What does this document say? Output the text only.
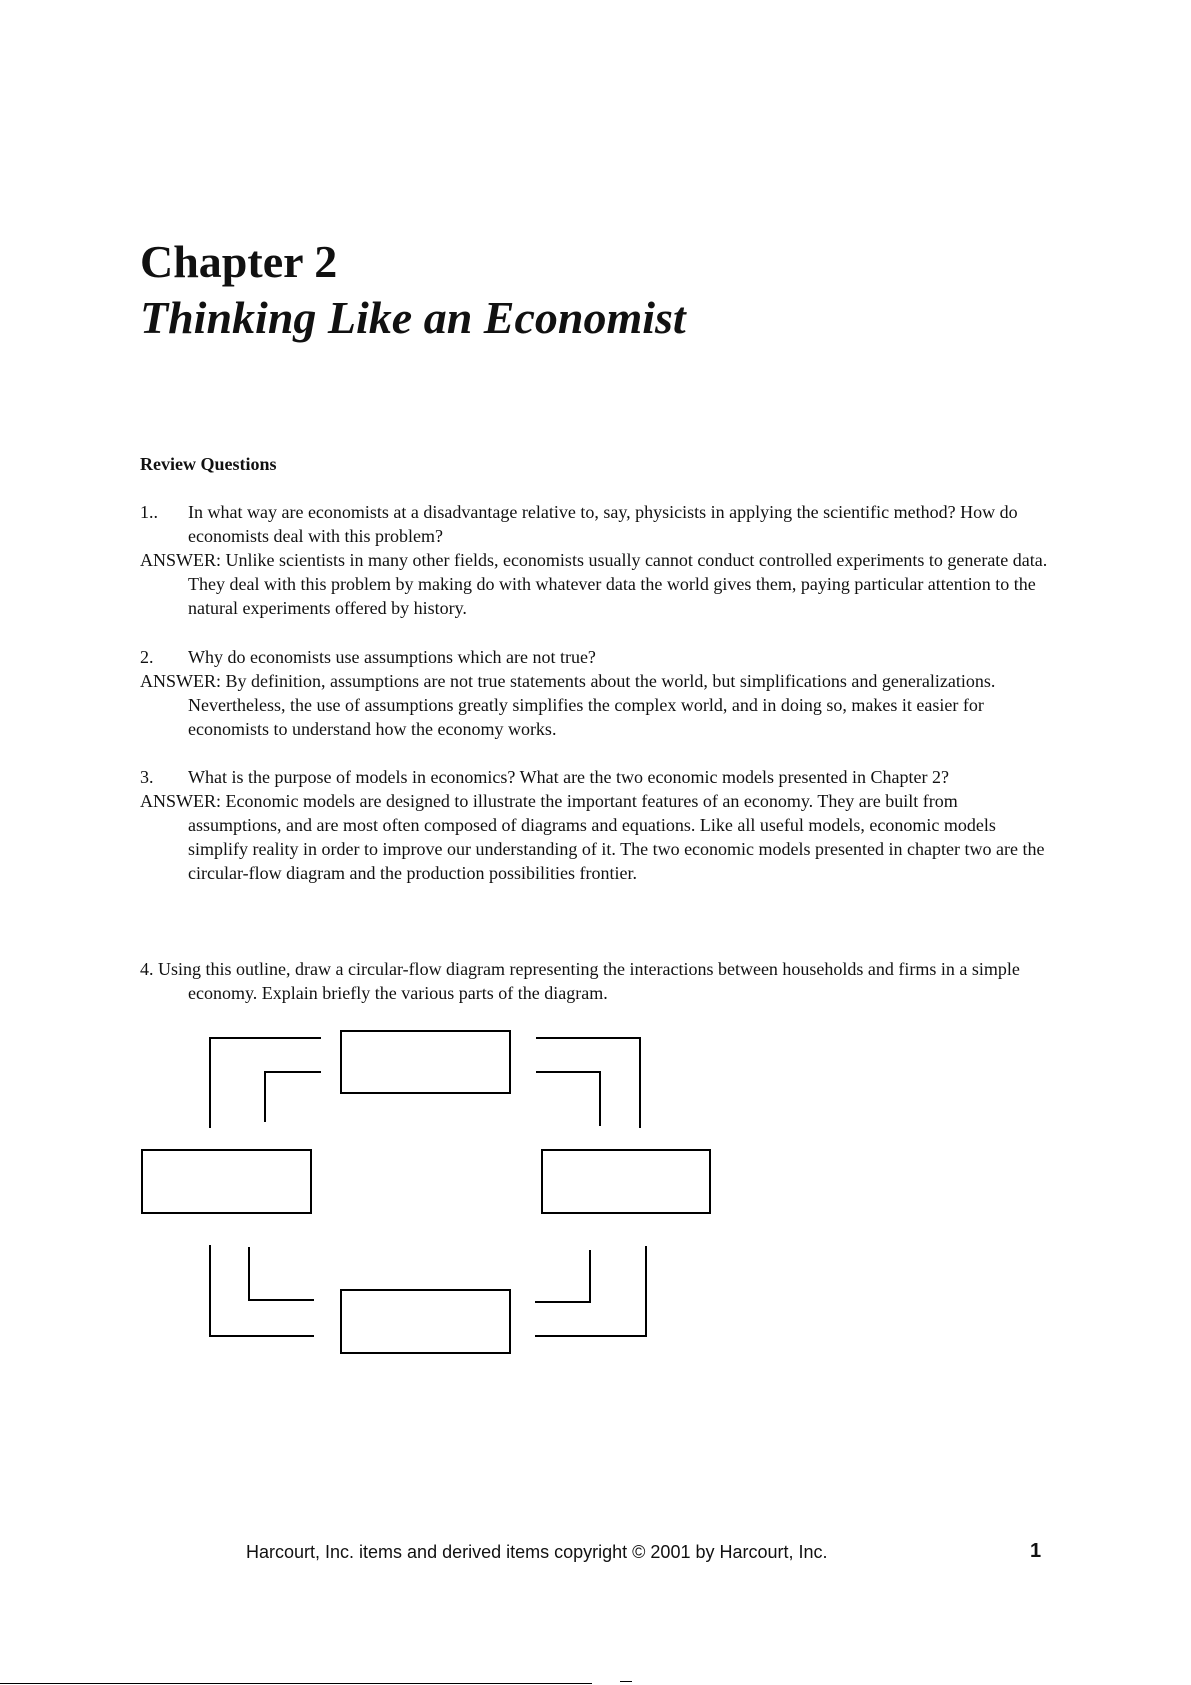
Chapter 2
Thinking Like an Economist
Review Questions

1.. In what way are economists at a disadvantage relative to, say, physicists in applying the scientific method? How do economists deal with this problem?

ANSWER: Unlike scientists in many other fields, economists usually cannot conduct controlled experiments to generate data. They deal with this problem by making do with whatever data the world gives them, paying particular attention to the natural experiments offered by history.

2. Why do economists use assumptions which are not true?

ANSWER: By definition, assumptions are not true statements about the world, but simplifications and generalizations. Nevertheless, the use of assumptions greatly simplifies the complex world, and in doing so, makes it easier for economists to understand how the economy works.

3. What is the purpose of models in economics? What are the two economic models presented in Chapter 2?

ANSWER: Economic models are designed to illustrate the important features of an economy. They are built from assumptions, and are most often composed of diagrams and equations. Like all useful models, economic models simplify reality in order to improve our understanding of it. The two economic models presented in chapter two are the circular-flow diagram and the production possibilities frontier.

4. Using this outline, draw a circular-flow diagram representing the interactions between households and firms in a simple economy. Explain briefly the various parts of the diagram.

Harcourt, Inc. items and derived items copyright © 2001 by Harcourt, Inc.	1
